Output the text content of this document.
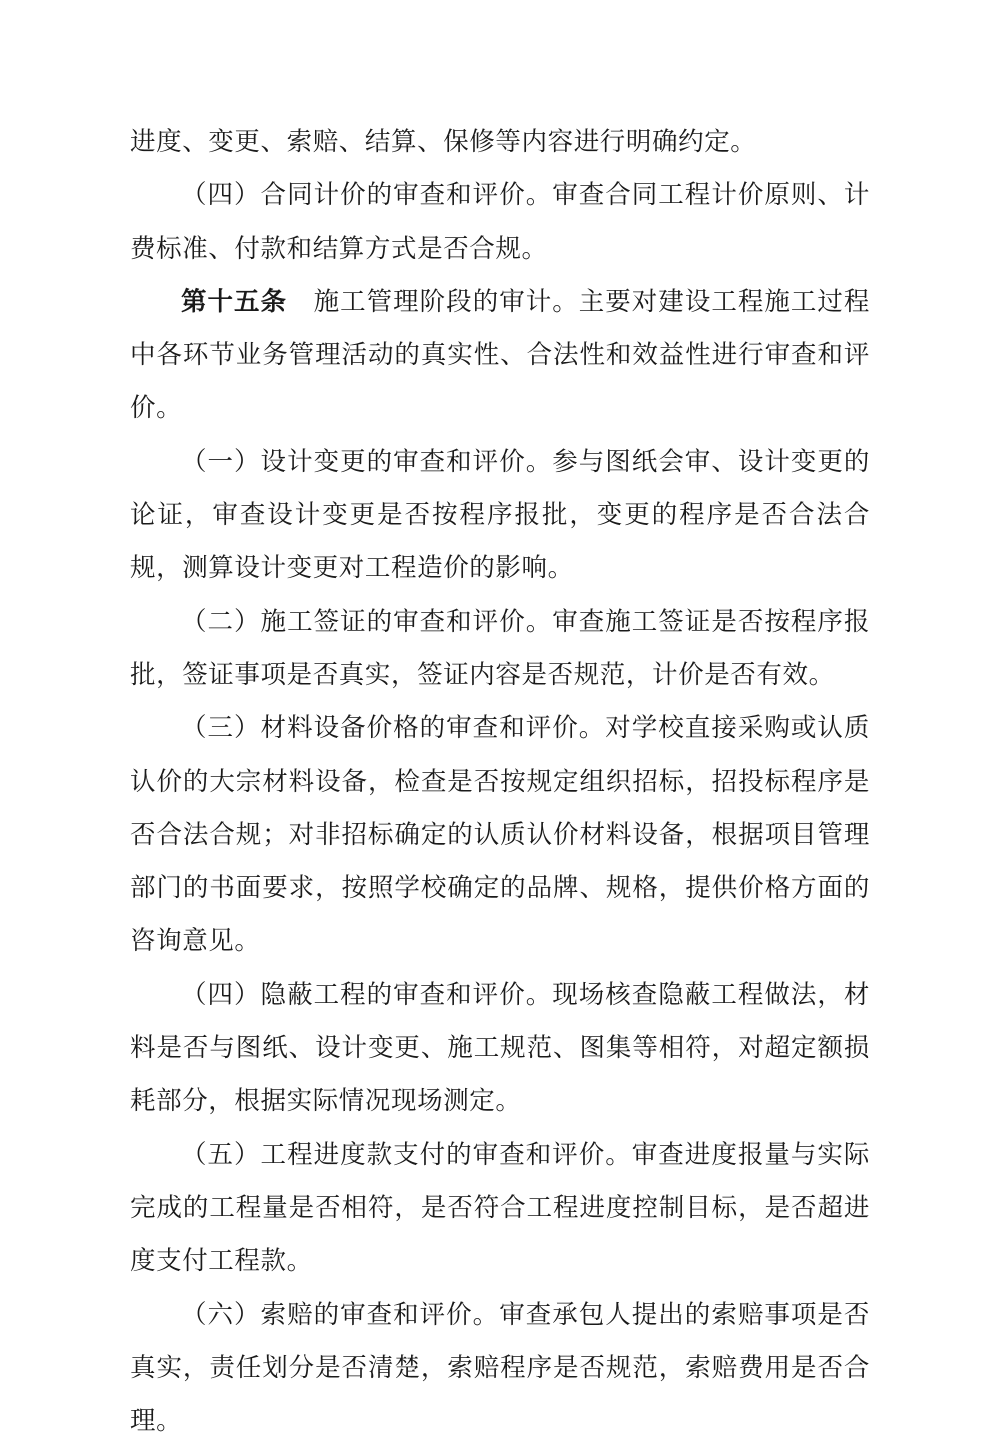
进度、变更、索赔、结算、保修等内容进行明确约定。

（四）合同计价的审查和评价。审查合同工程计价原则、计费标准、付款和结算方式是否合规。

第十五条　施工管理阶段的审计。主要对建设工程施工过程中各环节业务管理活动的真实性、合法性和效益性进行审查和评价。

（一）设计变更的审查和评价。参与图纸会审、设计变更的论证，审查设计变更是否按程序报批，变更的程序是否合法合规，测算设计变更对工程造价的影响。

（二）施工签证的审查和评价。审查施工签证是否按程序报批，签证事项是否真实，签证内容是否规范，计价是否有效。

（三）材料设备价格的审查和评价。对学校直接采购或认质认价的大宗材料设备，检查是否按规定组织招标，招投标程序是否合法合规；对非招标确定的认质认价材料设备，根据项目管理部门的书面要求，按照学校确定的品牌、规格，提供价格方面的咨询意见。

（四）隐蔽工程的审查和评价。现场核查隐蔽工程做法，材料是否与图纸、设计变更、施工规范、图集等相符，对超定额损耗部分，根据实际情况现场测定。

（五）工程进度款支付的审查和评价。审查进度报量与实际完成的工程量是否相符，是否符合工程进度控制目标，是否超进度支付工程款。

（六）索赔的审查和评价。审查承包人提出的索赔事项是否真实，责任划分是否清楚，索赔程序是否规范，索赔费用是否合理。
